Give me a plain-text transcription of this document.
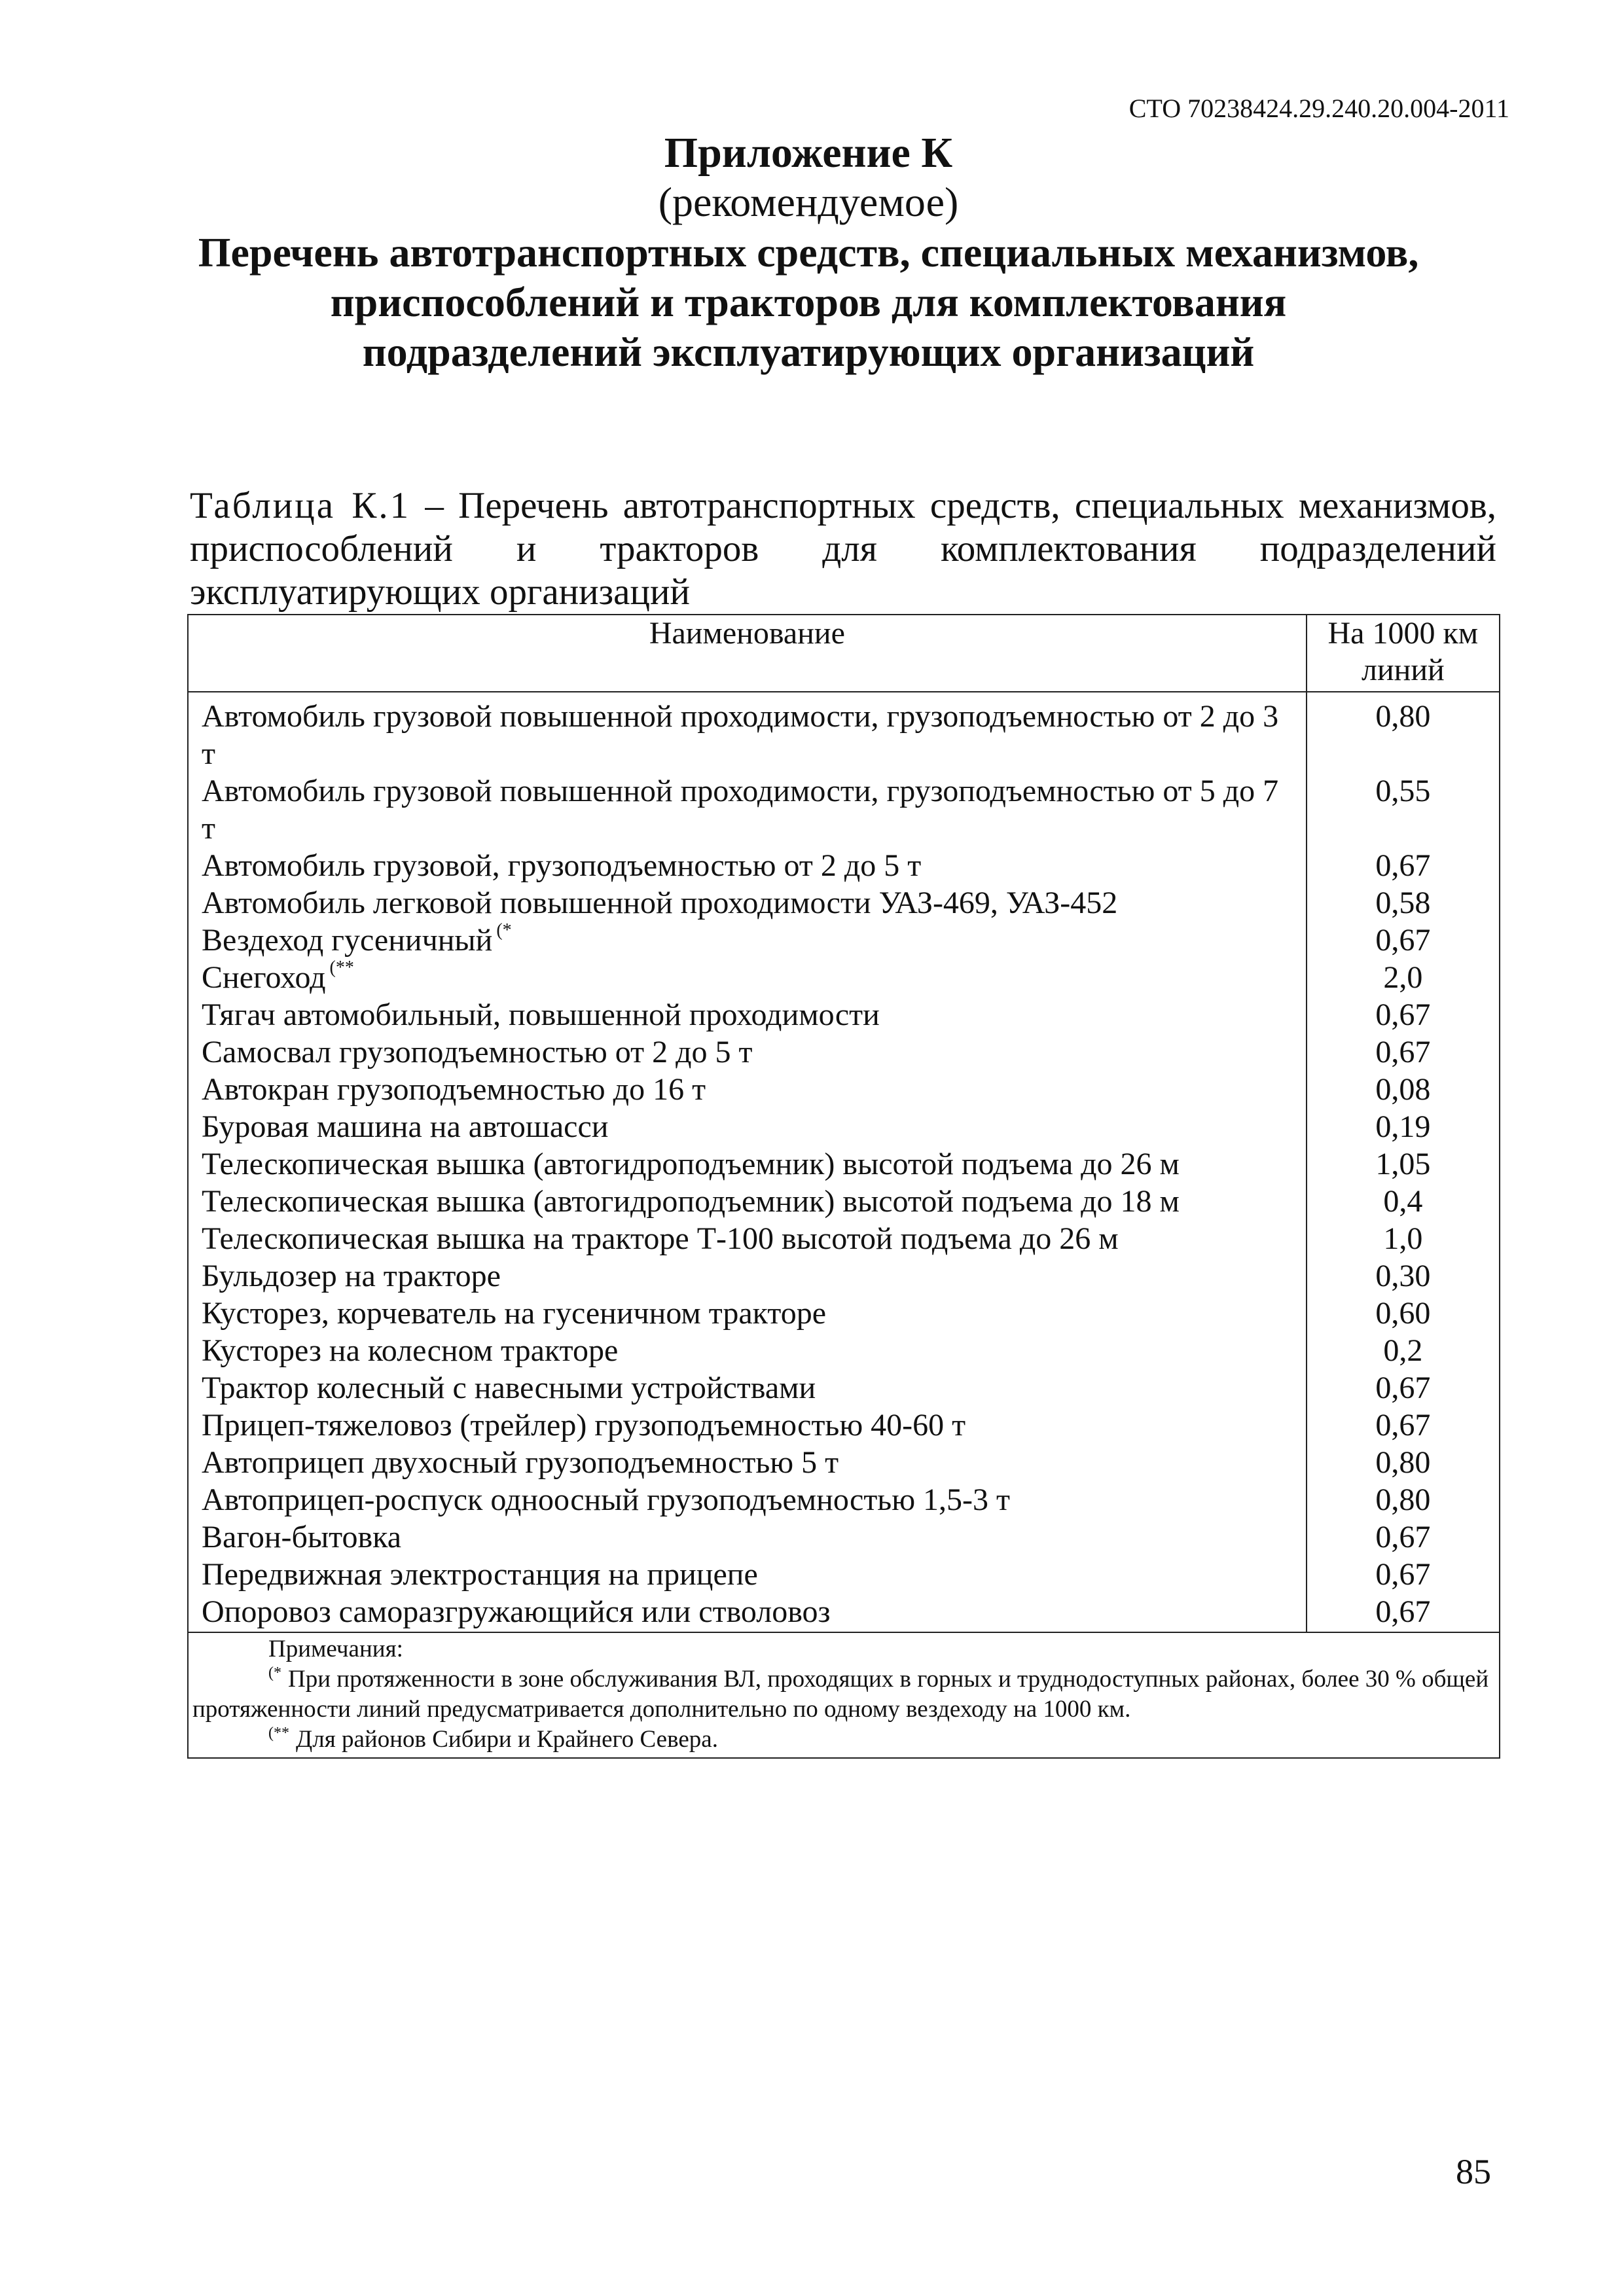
СТО 70238424.29.240.20.004-2011
Приложение К
(рекомендуемое)
Перечень автотранспортных средств, специальных механизмов, приспособлений и тракторов для комплектования подразделений эксплуатирующих организаций
Таблица К.1 – Перечень автотранспортных средств, специальных механизмов, приспособлений и тракторов для комплектования подразделений эксплуатирующих организаций
Наименование	На 1000 км линий
Автомобиль грузовой повышенной проходимости, грузоподъемностью от 2 до 3 т	0,80
Автомобиль грузовой повышенной проходимости, грузоподъемностью от 5 до 7 т	0,55
Автомобиль грузовой, грузоподъемностью от 2 до 5 т	0,67
Автомобиль легковой повышенной проходимости УАЗ-469, УАЗ-452	0,58
Вездеход гусеничный (*	0,67
Снегоход (**	2,0
Тягач автомобильный, повышенной проходимости	0,67
Самосвал грузоподъемностью от 2 до 5 т	0,67
Автокран грузоподъемностью до 16 т	0,08
Буровая машина на автошасси	0,19
Телескопическая вышка (автогидроподъемник) высотой подъема до 26 м	1,05
Телескопическая вышка (автогидроподъемник) высотой подъема до 18 м	0,4
Телескопическая вышка на тракторе Т-100 высотой подъема до 26 м	1,0
Бульдозер на тракторе	0,30
Кусторез, корчеватель на гусеничном тракторе	0,60
Кусторез на колесном тракторе	0,2
Трактор колесный с навесными устройствами	0,67
Прицеп-тяжеловоз (трейлер) грузоподъемностью 40-60 т	0,67
Автоприцеп двухосный грузоподъемностью 5 т	0,80
Автоприцеп-роспуск одноосный грузоподъемностью 1,5-3 т	0,80
Вагон-бытовка	0,67
Передвижная электростанция на прицепе	0,67
Опоровоз саморазгружающийся или стволовоз	0,67

Примечания:
(* При протяженности в зоне обслуживания ВЛ, проходящих в горных и труднодоступных районах, более 30 % общей протяженности линий предусматривается дополнительно по одному вездеходу на 1000 км.
(** Для районов Сибири и Крайнего Севера.	
85
